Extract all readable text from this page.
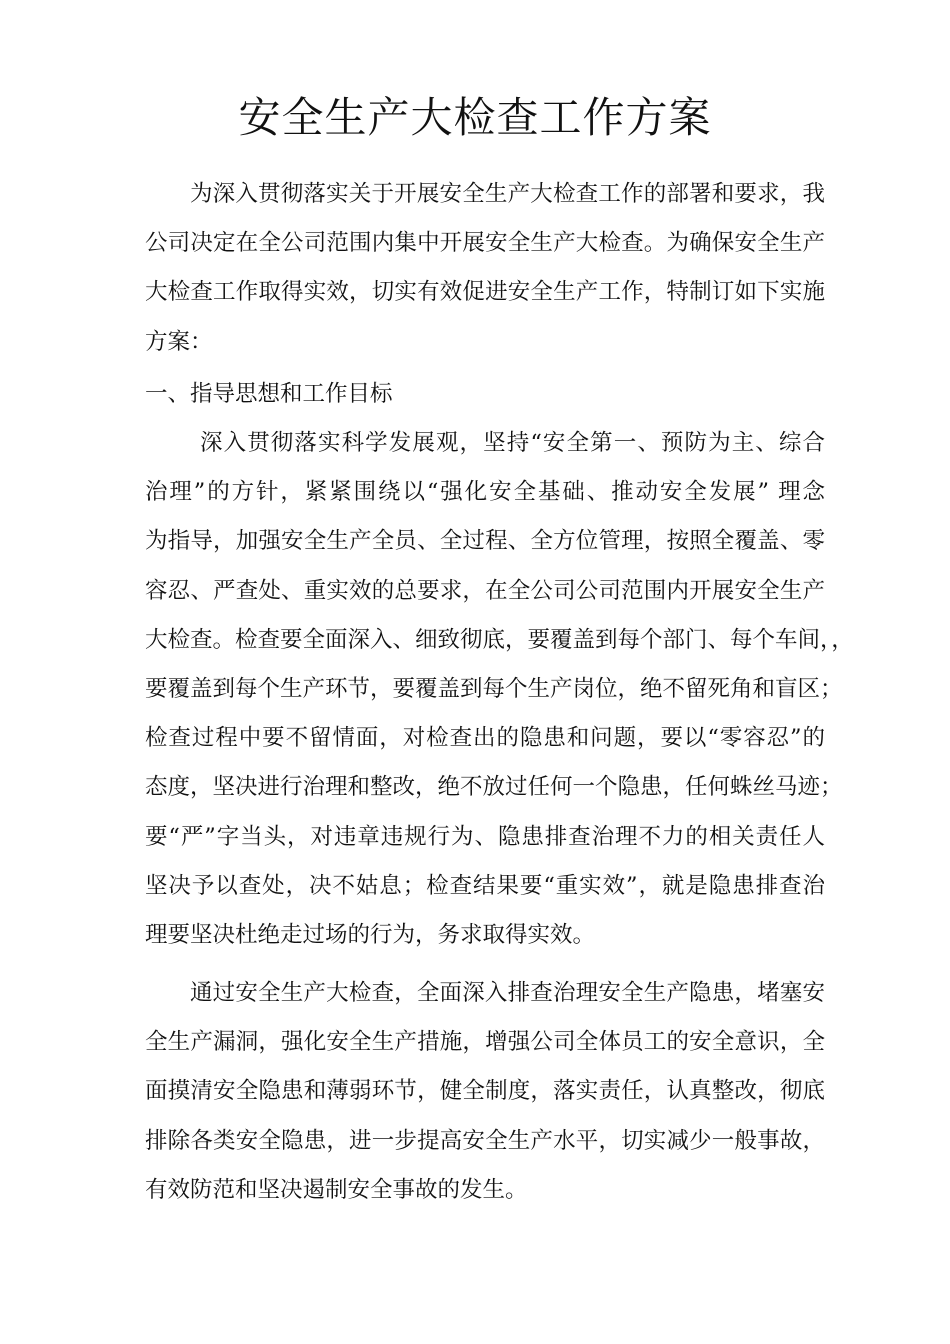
安全生产大检查工作方案
为深入贯彻落实关于开展安全生产大检查工作的部署和要求，我
公司决定在全公司范围内集中开展安全生产大检查。为确保安全生产
大检查工作取得实效，切实有效促进安全生产工作，特制订如下实施
方案：
一、指导思想和工作目标
深入贯彻落实科学发展观，坚持“安全第一、预防为主、综合
治理”的方针，紧紧围绕以“强化安全基础、推动安全发展” 理念
为指导，加强安全生产全员、全过程、全方位管理，按照全覆盖、零
容忍、严查处、重实效的总要求，在全公司公司范围内开展安全生产
大检查。检查要全面深入、细致彻底，要覆盖到每个部门、每个车间，，
要覆盖到每个生产环节，要覆盖到每个生产岗位，绝不留死角和盲区；
检查过程中要不留情面，对检查出的隐患和问题，要以“零容忍”的
态度，坚决进行治理和整改，绝不放过任何一个隐患，任何蛛丝马迹；
要“严”字当头，对违章违规行为、隐患排查治理不力的相关责任人
坚决予以查处，决不姑息；检查结果要“重实效”，就是隐患排查治
理要坚决杜绝走过场的行为，务求取得实效。
通过安全生产大检查，全面深入排查治理安全生产隐患，堵塞安
全生产漏洞，强化安全生产措施，增强公司全体员工的安全意识，全
面摸清安全隐患和薄弱环节，健全制度，落实责任，认真整改，彻底
排除各类安全隐患，进一步提高安全生产水平，切实减少一般事故，
有效防范和坚决遏制安全事故的发生。
